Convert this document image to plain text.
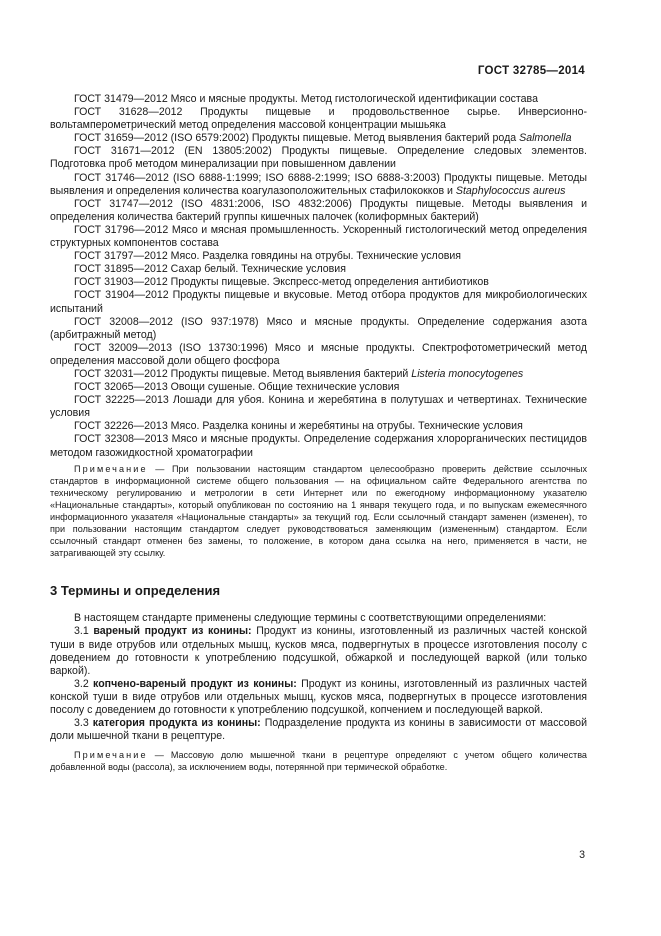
ГОСТ 32785—2014

ГОСТ 31479—2012 Мясо и мясные продукты. Метод гистологической идентификации состава

ГОСТ 31628—2012 Продукты пищевые и продовольственное сырье. Инверсионно-вольтамперометрический метод определения массовой концентрации мышьяка

ГОСТ 31659—2012 (ISO 6579:2002) Продукты пищевые. Метод выявления бактерий рода Salmonella

ГОСТ 31671—2012 (EN 13805:2002) Продукты пищевые. Определение следовых элементов. Подготовка проб методом минерализации при повышенном давлении

ГОСТ 31746—2012 (ISO 6888-1:1999; ISO 6888-2:1999; ISO 6888-3:2003) Продукты пищевые. Методы выявления и определения количества коагулазоположительных стафилококков и Staphylococcus aureus

ГОСТ 31747—2012 (ISO 4831:2006, ISO 4832:2006) Продукты пищевые. Методы выявления и определения количества бактерий группы кишечных палочек (колиформных бактерий)

ГОСТ 31796—2012 Мясо и мясная промышленность. Ускоренный гистологический метод определения структурных компонентов состава

ГОСТ 31797—2012 Мясо. Разделка говядины на отрубы. Технические условия

ГОСТ 31895—2012 Сахар белый. Технические условия

ГОСТ 31903—2012 Продукты пищевые. Экспресс-метод определения антибиотиков

ГОСТ 31904—2012 Продукты пищевые и вкусовые. Метод отбора продуктов для микробиологических испытаний

ГОСТ 32008—2012 (ISO 937:1978) Мясо и мясные продукты. Определение содержания азота (арбитражный метод)

ГОСТ 32009—2013 (ISO 13730:1996) Мясо и мясные продукты. Спектрофотометрический метод определения массовой доли общего фосфора

ГОСТ 32031—2012 Продукты пищевые. Метод выявления бактерий Listeria monocytogenes

ГОСТ 32065—2013 Овощи сушеные. Общие технические условия

ГОСТ 32225—2013 Лошади для убоя. Конина и жеребятина в полутушах и четвертинах. Технические условия

ГОСТ 32226—2013 Мясо. Разделка конины и жеребятины на отрубы. Технические условия

ГОСТ 32308—2013 Мясо и мясные продукты. Определение содержания хлорорганических пестицидов методом газожидкостной хроматографии

Примечание — При пользовании настоящим стандартом целесообразно проверить действие ссылочных стандартов в информационной системе общего пользования — на официальном сайте Федерального агентства по техническому регулированию и метрологии в сети Интернет или по ежегодному информационному указателю «Национальные стандарты», который опубликован по состоянию на 1 января текущего года, и по выпускам ежемесячного информационного указателя «Национальные стандарты» за текущий год. Если ссылочный стандарт заменен (изменен), то при пользовании настоящим стандартом следует руководствоваться заменяющим (измененным) стандартом. Если ссылочный стандарт отменен без замены, то положение, в котором дана ссылка на него, применяется в части, не затрагивающей эту ссылку.

3 Термины и определения

В настоящем стандарте применены следующие термины с соответствующими определениями:

3.1 вареный продукт из конины: Продукт из конины, изготовленный из различных частей конской туши в виде отрубов или отдельных мышц, кусков мяса, подвергнутых в процессе изготовления посолу с доведением до готовности к употреблению подсушкой, обжаркой и последующей варкой (или только варкой).

3.2 копчено-вареный продукт из конины: Продукт из конины, изготовленный из различных частей конской туши в виде отрубов или отдельных мышц, кусков мяса, подвергнутых в процессе изготовления посолу с доведением до готовности к употреблению подсушкой, копчением и последующей варкой.

3.3 категория продукта из конины: Подразделение продукта из конины в зависимости от массовой доли мышечной ткани в рецептуре.

Примечание — Массовую долю мышечной ткани в рецептуре определяют с учетом общего количества добавленной воды (рассола), за исключением воды, потерянной при термической обработке.

3
